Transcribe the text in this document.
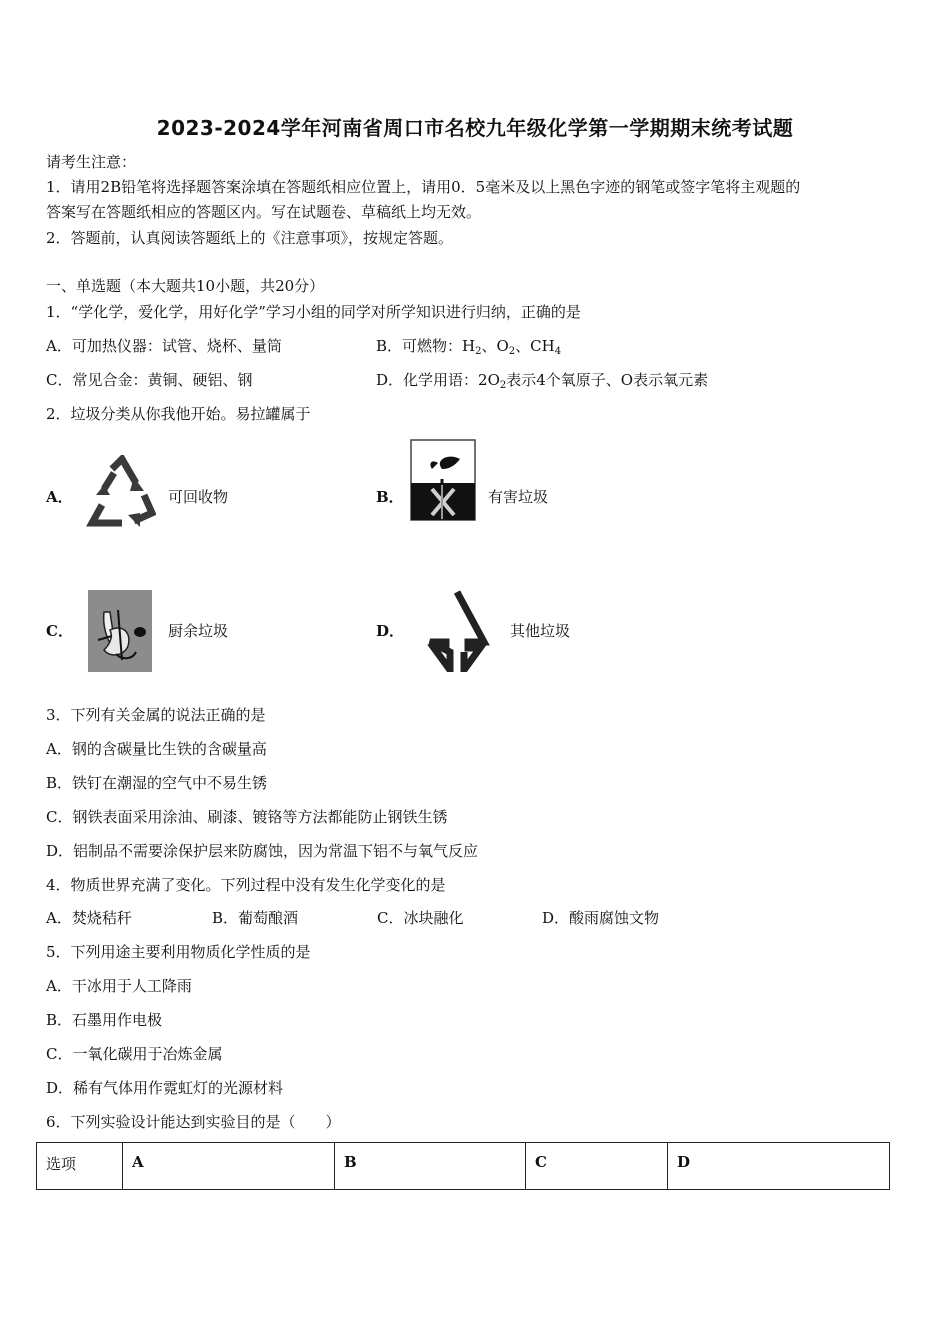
2023-2024学年河南省周口市名校九年级化学第一学期期末统考试题
请考生注意：
1．请用2B铅笔将选择题答案涂填在答题纸相应位置上，请用0．5毫米及以上黑色字迹的钢笔或签字笔将主观题的
答案写在答题纸相应的答题区内。写在试题卷、草稿纸上均无效。
2．答题前，认真阅读答题纸上的《注意事项》，按规定答题。
一、单选题（本大题共10小题，共20分）
1．“学化学，爱化学，用好化学”学习小组的同学对所学知识进行归纳，正确的是
A．可加热仪器：试管、烧杯、量筒	B．可燃物：$H_2$、$O_2$、$CH_4$
C．常见合金：黄铜、硬铝、钢	D．化学用语：$2O_2$表示4个氧原子、O表示氧元素
2．垃圾分类从你我他开始。易拉罐属于
A．	可回收物	B．	有害垃圾
C．	厨余垃圾	D．	其他垃圾
3．下列有关金属的说法正确的是
A．钢的含碳量比生铁的含碳量高
B．铁钉在潮湿的空气中不易生锈
C．钢铁表面采用涂油、刷漆、镀铬等方法都能防止钢铁生锈
D．铝制品不需要涂保护层来防腐蚀，因为常温下铝不与氧气反应
4．物质世界充满了变化。下列过程中没有发生化学变化的是
A．焚烧秸秆	B．葡萄酿酒	C．冰块融化	D．酸雨腐蚀文物
5．下列用途主要利用物质化学性质的是
A．干冰用于人工降雨
B．石墨用作电极
C．一氧化碳用于冶炼金属
D．稀有气体用作霓虹灯的光源材料
6．下列实验设计能达到实验目的是（　　）
选项	A	B	C	D
